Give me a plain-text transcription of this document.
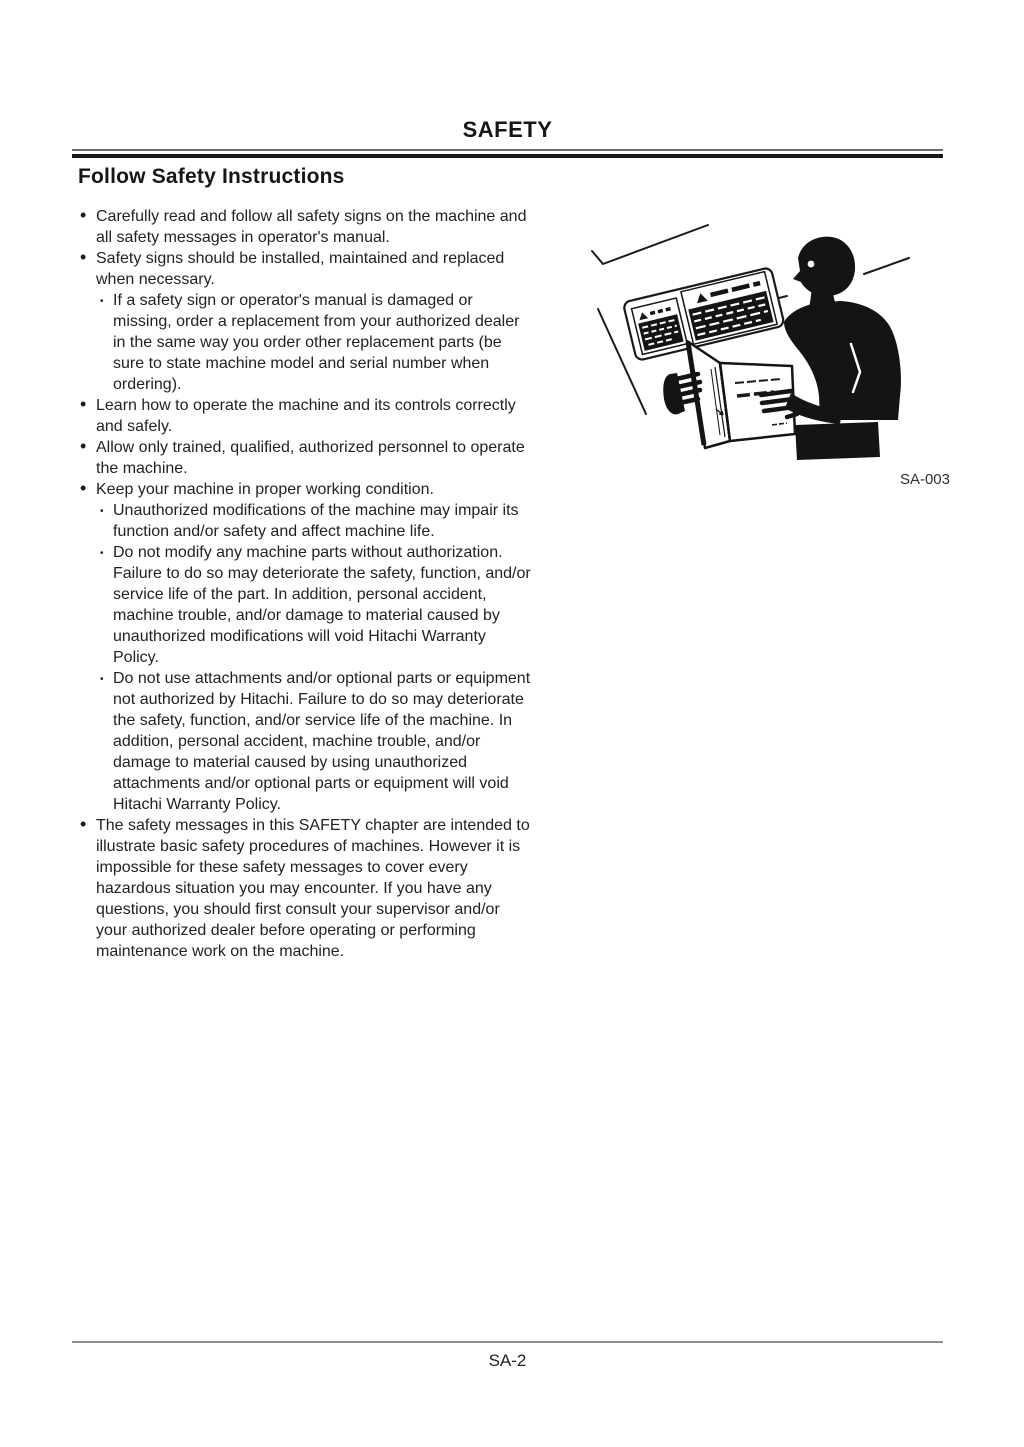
SAFETY
Follow Safety Instructions
• Carefully read and follow all safety signs on the machine and all safety messages in operator's manual.
• Safety signs should be installed, maintained and replaced when necessary.
• If a safety sign or operator's manual is damaged or missing, order a replacement from your authorized dealer in the same way you order other replacement parts (be sure to state machine model and serial number when ordering).
• Learn how to operate the machine and its controls correctly and safely.
• Allow only trained, qualified, authorized personnel to operate the machine.
• Keep your machine in proper working condition.
• Unauthorized modifications of the machine may impair its function and/or safety and affect machine life.
• Do not modify any machine parts without authorization. Failure to do so may deteriorate the safety, function, and/or service life of the part. In addition, personal accident, machine trouble, and/or damage to material caused by unauthorized modifications will void Hitachi Warranty Policy.
• Do not use attachments and/or optional parts or equipment not authorized by Hitachi. Failure to do so may deteriorate the safety, function, and/or service life of the machine. In addition, personal accident, machine trouble, and/or damage to material caused by using unauthorized attachments and/or optional parts or equipment will void Hitachi Warranty Policy.
• The safety messages in this SAFETY chapter are intended to illustrate basic safety procedures of machines. However it is impossible for these safety messages to cover every hazardous situation you may encounter. If you have any questions, you should first consult your supervisor and/or your authorized dealer before operating or performing maintenance work on the machine.
SA-003
SA-2
